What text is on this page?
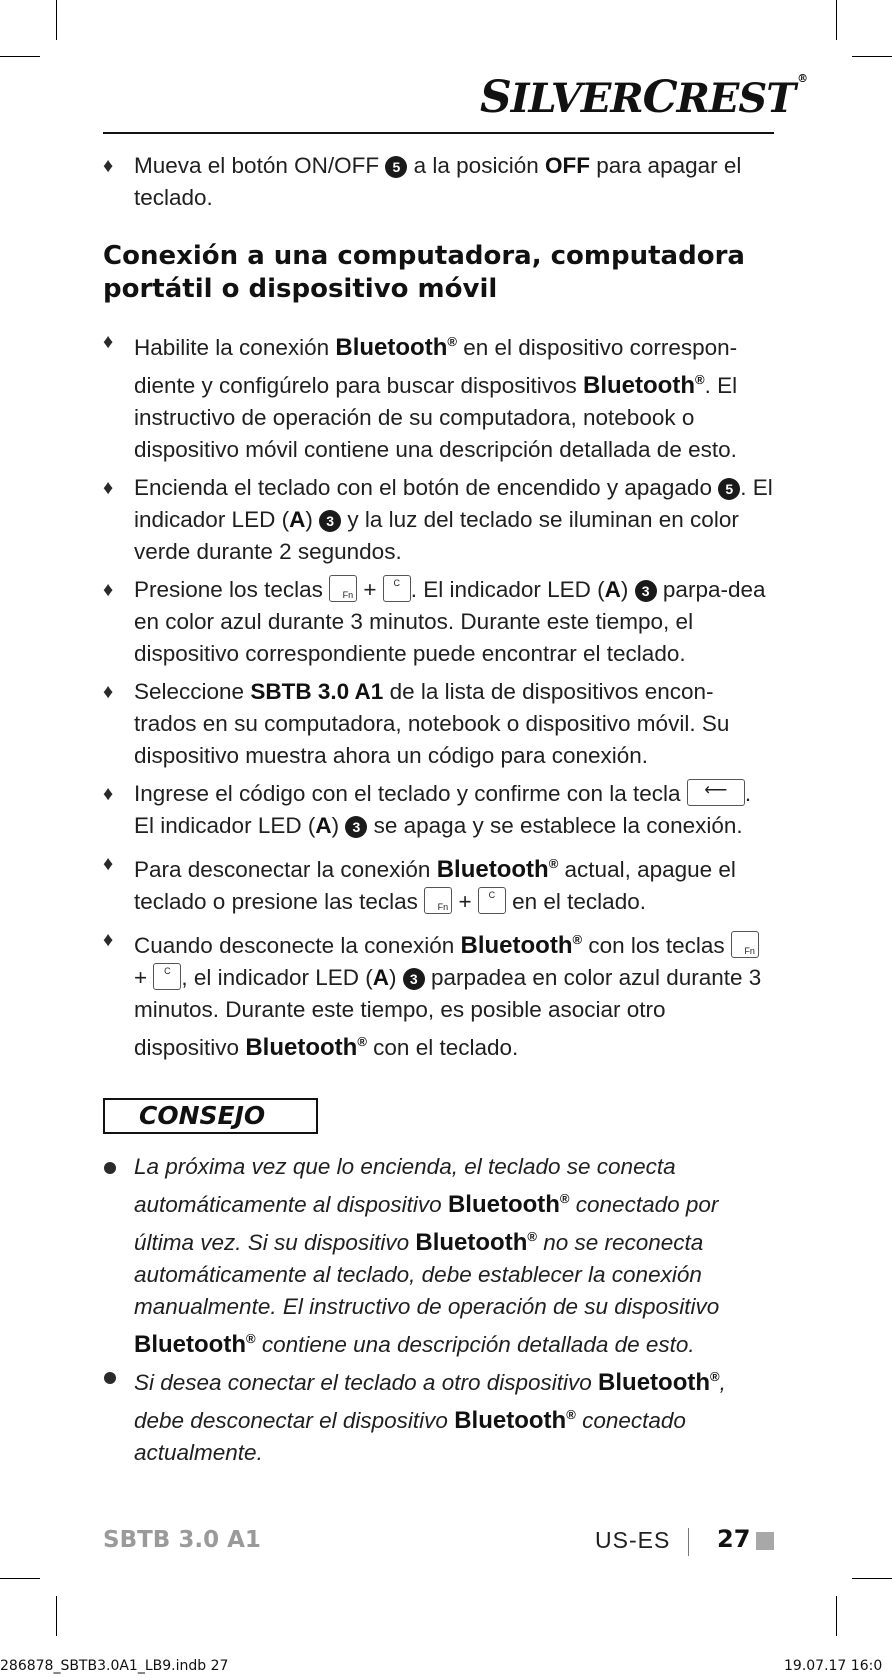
SILVERCREST ®
♦ Mueva el botón ON/OFF 5 a la posición OFF para apagar el teclado.
Conexión a una computadora, computadora portátil o dispositivo móvil
♦ Habilite la conexión Bluetooth® en el dispositivo correspon-diente y configúrelo para buscar dispositivos Bluetooth®. El instructivo de operación de su computadora, notebook o dispositivo móvil contiene una descripción detallada de esto.
♦ Encienda el teclado con el botón de encendido y apagado 5 . El indicador LED (A) 3 y la luz del teclado se iluminan en color verde durante 2 segundos.
♦ Presione los teclas Fn +	C . El indicador LED (A) 3 parpa-dea en color azul durante 3 minutos. Durante este tiempo, el dispositivo correspondiente puede encontrar el teclado.
♦ Seleccione SBTB 3.0 A1 de la lista de dispositivos encon-trados en su computadora, notebook o dispositivo móvil. Su dispositivo muestra ahora un código para conexión.
♦ Ingrese el código con el teclado y confirme con la tecla	⟵ . El indicador LED (A) 3 se apaga y se establece la conexión.
♦ Para desconectar la conexión Bluetooth® actual, apague el teclado o presione las teclas Fn +	C en el teclado.
♦ Cuando desconecte la conexión Bluetooth® con los teclas Fn
+	C , el indicador LED (A) 3 parpadea en color azul durante 3 minutos. Durante este tiempo, es posible asociar otro dispositivo Bluetooth® con el teclado.
CONSEJO
La próxima vez que lo encienda, el teclado se conecta automáticamente al dispositivo Bluetooth® conectado por última vez. Si su dispositivo Bluetooth® no se reconecta automáticamente al teclado, debe establecer la conexión manualmente. El instructivo de operación de su dispositivo Bluetooth® contiene una descripción detallada de esto.
Si desea conectar el teclado a otro dispositivo Bluetooth®, debe desconectar el dispositivo Bluetooth® conectado actualmente.
SBTB 3.0 A1	US-ES 27
286878_SBTB3.0A1_LB9.indb 27	19.07.17 16:0
